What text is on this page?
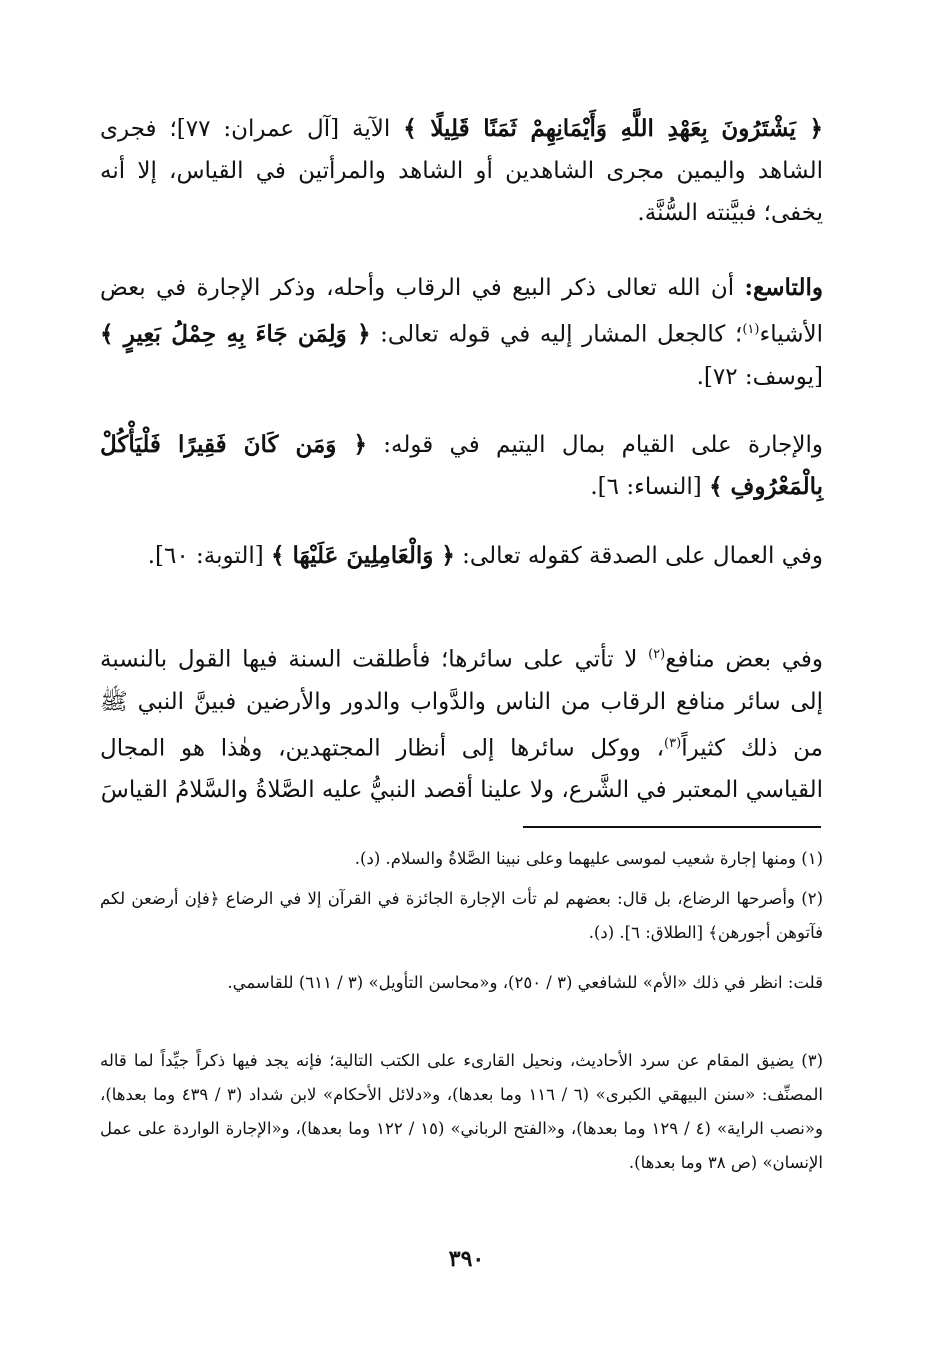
﴿ يَشْتَرُونَ بِعَهْدِ اللَّهِ وَأَيْمَانِهِمْ ثَمَنًا قَلِيلًا ﴾ الآية [آل عمران: ٧٧]؛ فجرى الشاهد واليمين مجرى الشاهدين أو الشاهد والمرأتين في القياس، إلا أنه يخفى؛ فبيَّنته السُّنَّة.

والتاسع: أن الله تعالى ذكر البيع في الرقاب وأحله، وذكر الإجارة في بعض الأشياء$^{(١)}$؛ كالجعل المشار إليه في قوله تعالى: ﴿ وَلِمَن جَاءَ بِهِ حِمْلُ بَعِيرٍ ﴾ [يوسف: ٧٢].

والإجارة على القيام بمال اليتيم في قوله: ﴿ وَمَن كَانَ فَقِيرًا فَلْيَأْكُلْ بِالْمَعْرُوفِ ﴾ [النساء: ٦].

وفي العمال على الصدقة كقوله تعالى: ﴿ وَالْعَامِلِينَ عَلَيْهَا ﴾ [التوبة: ٦٠].

وفي بعض منافع$^{(٢)}$ لا تأتي على سائرها؛ فأطلقت السنة فيها القول بالنسبة إلى سائر منافع الرقاب من الناس والدَّواب والدور والأرضين فبينَّ النبي ﷺ من ذلك كثيراً$^{(٣)}$، ووكل سائرها إلى أنظار المجتهدين، وهٰذا هو المجال القياسي المعتبر في الشَّرع، ولا علينا أقصد النبيُّ عليه الصَّلاةُ والسَّلامُ القياسَ

(١) ومنها إجارة شعيب لموسى عليهما وعلى نبينا الصَّلاةُ والسلام. (د).

(٢) وأصرحها الرضاع، بل قال: بعضهم لم تأت الإجارة الجائزة في القرآن إلا في الرضاع ﴿فإن أرضعن لكم فآتوهن أجورهن﴾ [الطلاق: ٦]. (د).

قلت: انظر في ذلك «الأم» للشافعي (٣ / ٢٥٠)، و«محاسن التأويل» (٣ / ٦١١) للقاسمي.

(٣) يضيق المقام عن سرد الأحاديث، ونحيل القارىء على الكتب التالية؛ فإنه يجد فيها ذكراً جيِّداً لما قاله المصنِّف: «سنن البيهقي الكبرى» (٦ / ١١٦ وما بعدها)، و«دلائل الأحكام» لابن شداد (٣ / ٤٣٩ وما بعدها)، و«نصب الراية» (٤ / ١٢٩ وما بعدها)، و«الفتح الرباني» (١٥ / ١٢٢ وما بعدها)، و«الإجارة الواردة على عمل الإنسان» (ص ٣٨ وما بعدها).

٣٩٠
